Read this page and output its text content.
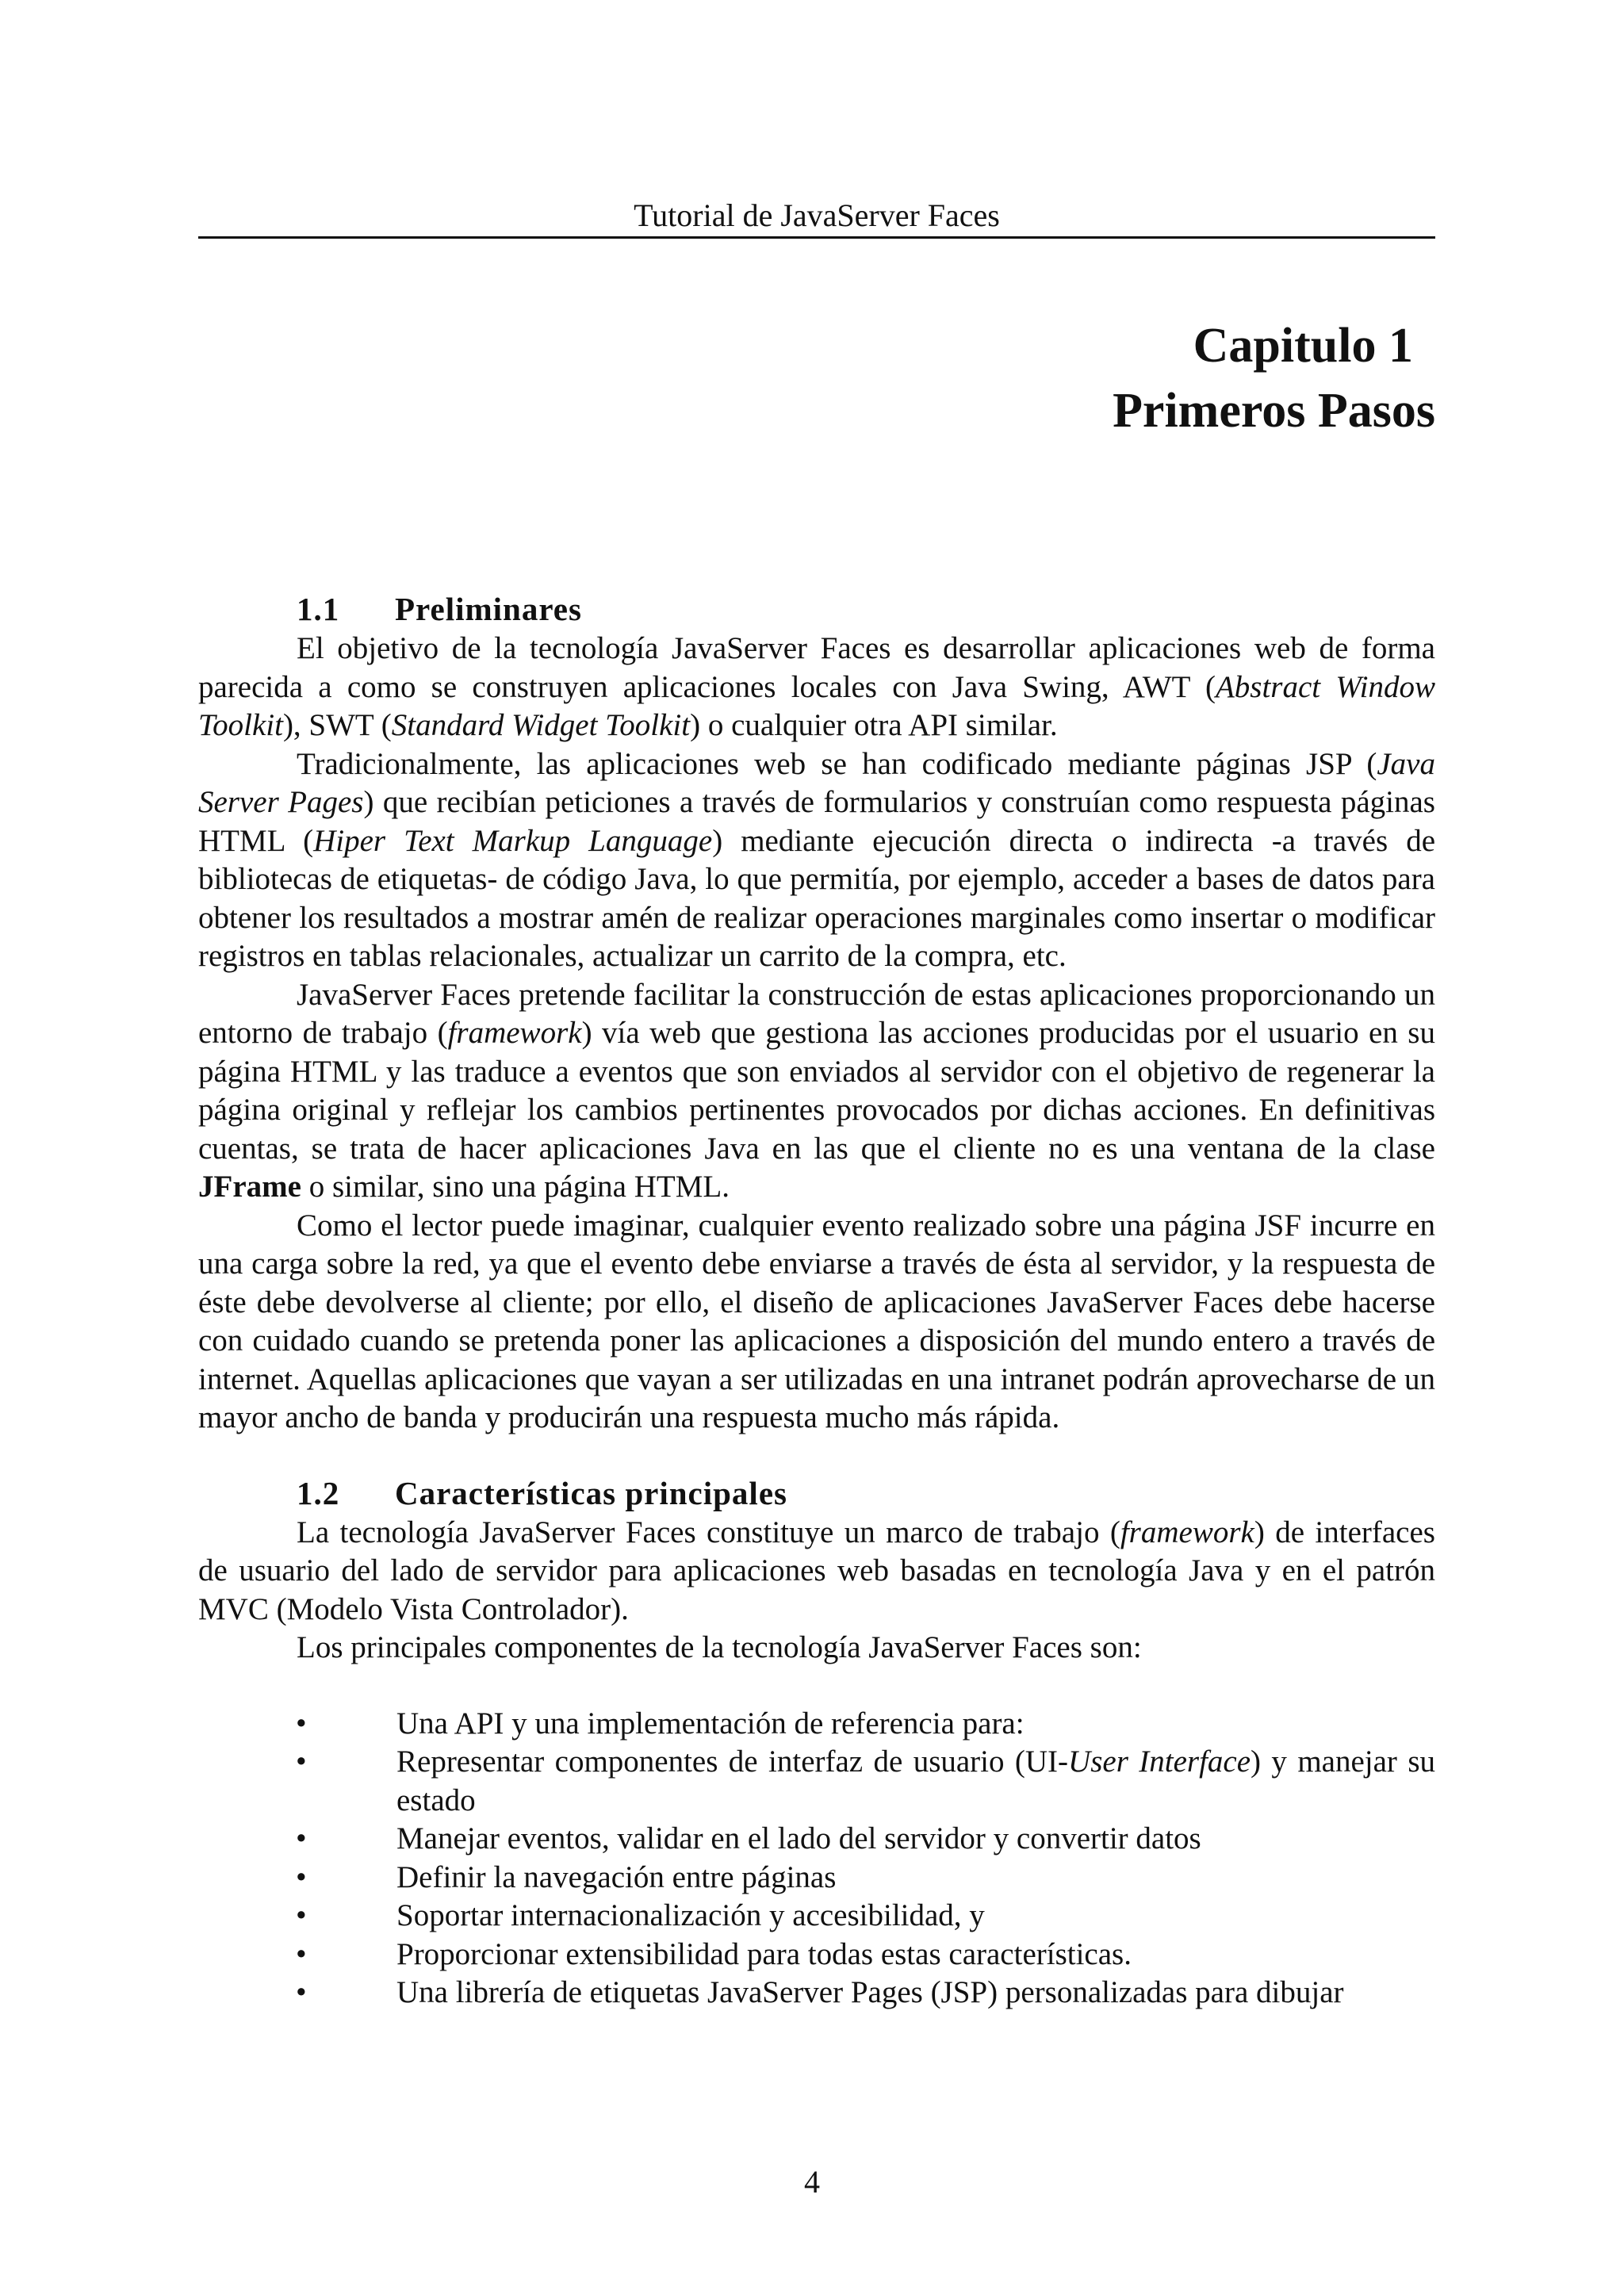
Tutorial de JavaServer Faces
Capitulo 1
Primeros Pasos
1.1 Preliminares

El objetivo de la tecnología JavaServer Faces es desarrollar aplicaciones web de forma parecida a como se construyen aplicaciones locales con Java Swing, AWT (Abstract Window Toolkit), SWT (Standard Widget Toolkit) o cualquier otra API similar.

Tradicionalmente, las aplicaciones web se han codificado mediante páginas JSP (Java Server Pages) que recibían peticiones a través de formularios y construían como respuesta páginas HTML (Hiper Text Markup Language) mediante ejecución directa o indirecta -a través de bibliotecas de etiquetas- de código Java, lo que permitía, por ejemplo, acceder a bases de datos para obtener los resultados a mostrar amén de realizar operaciones marginales como insertar o modificar registros en tablas relacionales, actualizar un carrito de la compra, etc.

JavaServer Faces pretende facilitar la construcción de estas aplicaciones proporcionando un entorno de trabajo (framework) vía web que gestiona las acciones producidas por el usuario en su página HTML y las traduce a eventos que son enviados al servidor con el objetivo de regenerar la página original y reflejar los cambios pertinentes provocados por dichas acciones. En definitivas cuentas, se trata de hacer aplicaciones Java en las que el cliente no es una ventana de la clase JFrame o similar, sino una página HTML.

Como el lector puede imaginar, cualquier evento realizado sobre una página JSF incurre en una carga sobre la red, ya que el evento debe enviarse a través de ésta al servidor, y la respuesta de éste debe devolverse al cliente; por ello, el diseño de aplicaciones JavaServer Faces debe hacerse con cuidado cuando se pretenda poner las aplicaciones a disposición del mundo entero a través de internet. Aquellas aplicaciones que vayan a ser utilizadas en una intranet podrán aprovecharse de un mayor ancho de banda y producirán una respuesta mucho más rápida.

1.2 Características principales

La tecnología JavaServer Faces constituye un marco de trabajo (framework) de interfaces de usuario del lado de servidor para aplicaciones web basadas en tecnología Java y en el patrón MVC (Modelo Vista Controlador).

Los principales componentes de la tecnología JavaServer Faces son:

• Una API y una implementación de referencia para:
• Representar componentes de interfaz de usuario (UI-User Interface) y manejar su estado
• Manejar eventos, validar en el lado del servidor y convertir datos
• Definir la navegación entre páginas
• Soportar internacionalización y accesibilidad, y
• Proporcionar extensibilidad para todas estas características.
• Una librería de etiquetas JavaServer Pages (JSP) personalizadas para dibujar
4
